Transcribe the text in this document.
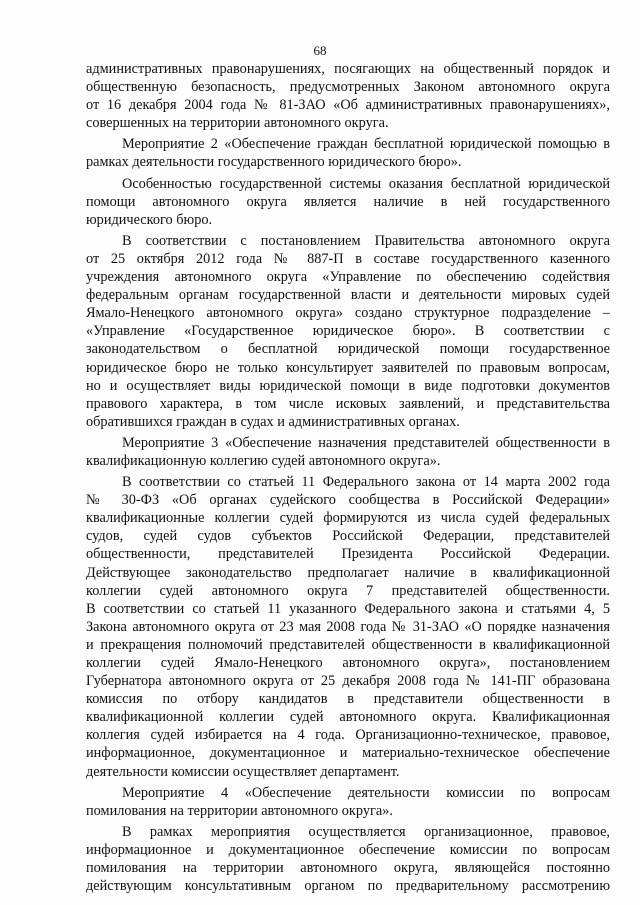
68
административных правонарушениях, посягающих на общественный порядок и
общественную безопасность, предусмотренных Законом автономного округа
от 16 декабря 2004 года № 81-ЗАО «Об административных правонарушениях»,
совершенных на территории автономного округа.
Мероприятие 2 «Обеспечение граждан бесплатной юридической помощью в
рамках деятельности государственного юридического бюро».
Особенностью государственной системы оказания бесплатной юридической
помощи автономного округа является наличие в ней государственного
юридического бюро.
В соответствии с постановлением Правительства автономного округа
от 25 октября 2012 года № 887-П в составе государственного казенного
учреждения автономного округа «Управление по обеспечению содействия
федеральным органам государственной власти и деятельности мировых судей
Ямало-Ненецкого автономного округа» создано структурное подразделение –
«Управление «Государственное юридическое бюро». В соответствии с
законодательством о бесплатной юридической помощи государственное
юридическое бюро не только консультирует заявителей по правовым вопросам,
но и осуществляет виды юридической помощи в виде подготовки документов
правового характера, в том числе исковых заявлений, и представительства
обратившихся граждан в судах и административных органах.
Мероприятие 3 «Обеспечение назначения представителей общественности в
квалификационную коллегию судей автономного округа».
В соответствии со статьей 11 Федерального закона от 14 марта 2002 года
№ 30-ФЗ «Об органах судейского сообщества в Российской Федерации»
квалификационные коллегии судей формируются из числа судей федеральных
судов, судей судов субъектов Российской Федерации, представителей
общественности, представителей Президента Российской Федерации.
Действующее законодательство предполагает наличие в квалификационной
коллегии судей автономного округа 7 представителей общественности.
В соответствии со статьей 11 указанного Федерального закона и статьями 4, 5
Закона автономного округа от 23 мая 2008 года № 31-ЗАО «О порядке назначения
и прекращения полномочий представителей общественности в квалификационной
коллегии судей Ямало-Ненецкого автономного округа», постановлением
Губернатора автономного округа от 25 декабря 2008 года № 141-ПГ образована
комиссия по отбору кандидатов в представители общественности в
квалификационной коллегии судей автономного округа. Квалификационная
коллегия судей избирается на 4 года. Организационно-техническое, правовое,
информационное, документационное и материально-техническое обеспечение
деятельности комиссии осуществляет департамент.
Мероприятие 4 «Обеспечение деятельности комиссии по вопросам
помилования на территории автономного округа».
В рамках мероприятия осуществляется организационное, правовое,
информационное и документационное обеспечение комиссии по вопросам
помилования на территории автономного округа, являющейся постоянно
действующим консультативным органом по предварительному рассмотрению
